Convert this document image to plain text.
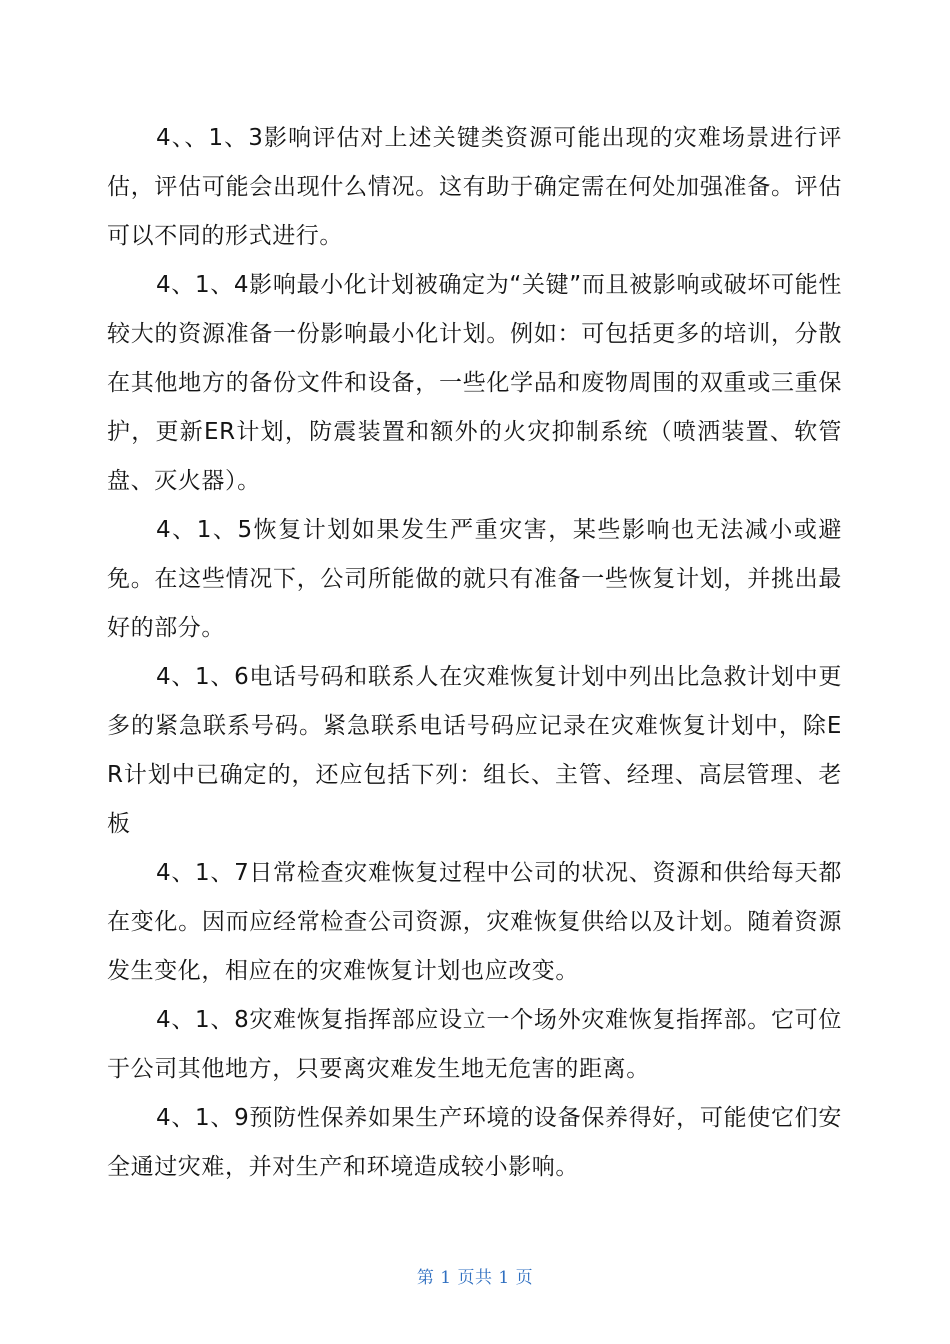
4、、1、3影响评估对上述关键类资源可能出现的灾难场景进行评估，评估可能会出现什么情况。这有助于确定需在何处加强准备。评估可以不同的形式进行。

4、1、4影响最小化计划被确定为“关键”而且被影响或破坏可能性较大的资源准备一份影响最小化计划。例如：可包括更多的培训，分散在其他地方的备份文件和设备，一些化学品和废物周围的双重或三重保护，更新ER计划，防震装置和额外的火灾抑制系统（喷洒装置、软管盘、灭火器）。

4、1、5恢复计划如果发生严重灾害，某些影响也无法减小或避免。在这些情况下，公司所能做的就只有准备一些恢复计划，并挑出最好的部分。

4、1、6电话号码和联系人在灾难恢复计划中列出比急救计划中更多的紧急联系号码。紧急联系电话号码应记录在灾难恢复计划中，除ER计划中已确定的，还应包括下列：组长、主管、经理、高层管理、老板

4、1、7日常检查灾难恢复过程中公司的状况、资源和供给每天都在变化。因而应经常检查公司资源，灾难恢复供给以及计划。随着资源发生变化，相应在的灾难恢复计划也应改变。

4、1、8灾难恢复指挥部应设立一个场外灾难恢复指挥部。它可位于公司其他地方，只要离灾难发生地无危害的距离。

4、1、9预防性保养如果生产环境的设备保养得好，可能使它们安全通过灾难，并对生产和环境造成较小影响。

第 1 页共 1 页
